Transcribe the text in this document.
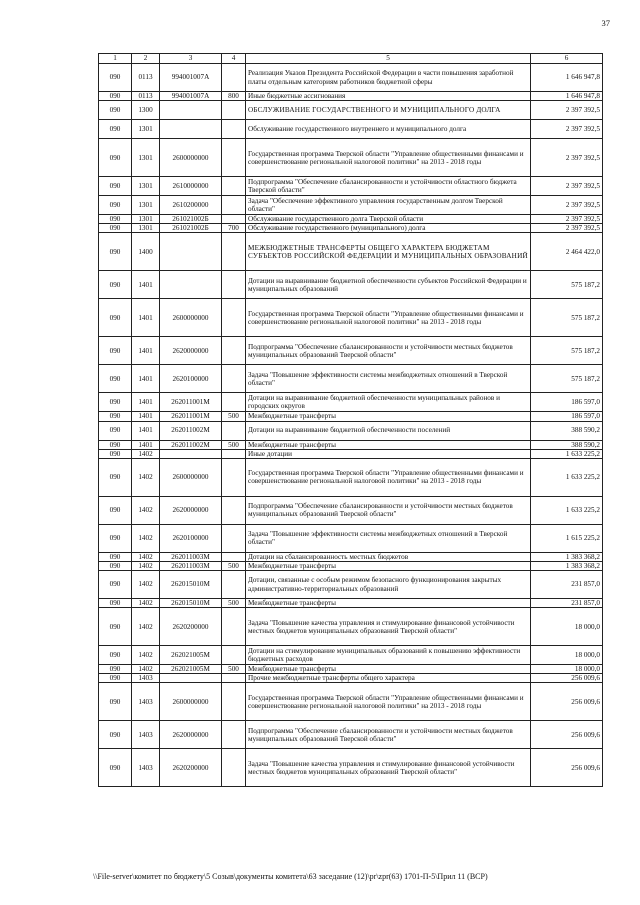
37
1	2	3	4	5	6
090	0113	994001007А		Реализация Указов Президента Российской Федерации в части повышения заработной платы отдельным категориям работников бюджетной сферы	1 646 947,8
090	0113	994001007А	800	Иные бюджетные ассигнования	1 646 947,8
090	1300			ОБСЛУЖИВАНИЕ ГОСУДАРСТВЕННОГО И МУНИЦИПАЛЬНОГО ДОЛГА	2 397 392,5
090	1301			Обслуживание государственного внутреннего и муниципального долга	2 397 392,5
090	1301	2600000000		Государственная программа Тверской области "Управление общественными финансами и совершенствование региональной налоговой политики" на 2013 - 2018 годы	2 397 392,5
090	1301	2610000000		Подпрограмма "Обеспечение сбалансированности и устойчивости областного бюджета Тверской области"	2 397 392,5
090	1301	2610200000		Задача "Обеспечение эффективного управления государственным долгом Тверской области"	2 397 392,5
090	1301	261021002Б		Обслуживание государственного долга Тверской области	2 397 392,5
090	1301	261021002Б	700	Обслуживание государственного (муниципального) долга	2 397 392,5
090	1400			МЕЖБЮДЖЕТНЫЕ ТРАНСФЕРТЫ ОБЩЕГО ХАРАКТЕРА БЮДЖЕТАМ СУБЪЕКТОВ РОССИЙСКОЙ ФЕДЕРАЦИИ И МУНИЦИПАЛЬНЫХ ОБРАЗОВАНИЙ	2 464 422,0
090	1401			Дотации на выравнивание бюджетной обеспеченности субъектов Российской Федерации и муниципальных образований	575 187,2
090	1401	2600000000		Государственная программа Тверской области "Управление общественными финансами и совершенствование региональной налоговой политики" на 2013 - 2018 годы	575 187,2
090	1401	2620000000		Подпрограмма "Обеспечение сбалансированности и устойчивости местных бюджетов муниципальных образований Тверской области"	575 187,2
090	1401	2620100000		Задача "Повышение эффективности системы межбюджетных отношений в Тверской области"	575 187,2
090	1401	262011001М		Дотации на выравнивание бюджетной обеспеченности муниципальных районов и городских округов	186 597,0
090	1401	262011001М	500	Межбюджетные трансферты	186 597,0
090	1401	262011002М		Дотации на выравнивание бюджетной обеспеченности поселений	388 590,2
090	1401	262011002М	500	Межбюджетные трансферты	388 590,2
090	1402			Иные дотации	1 633 225,2
090	1402	2600000000		Государственная программа Тверской области "Управление общественными финансами и совершенствование региональной налоговой политики" на 2013 - 2018 годы	1 633 225,2
090	1402	2620000000		Подпрограмма "Обеспечение сбалансированности и устойчивости местных бюджетов муниципальных образований Тверской области"	1 633 225,2
090	1402	2620100000		Задача "Повышение эффективности системы межбюджетных отношений в Тверской области"	1 615 225,2
090	1402	262011003М		Дотации на сбалансированность местных бюджетов	1 383 368,2
090	1402	262011003М	500	Межбюджетные трансферты	1 383 368,2
090	1402	262015010М		Дотации, связанные с особым режимом безопасного функционирования закрытых административно-территориальных образований	231 857,0
090	1402	262015010М	500	Межбюджетные трансферты	231 857,0
090	1402	2620200000		Задача "Повышение качества управления и стимулирование финансовой устойчивости местных бюджетов муниципальных образований Тверской области"	18 000,0
090	1402	262021005М		Дотации на стимулирование муниципальных образований к повышению эффективности бюджетных расходов	18 000,0
090	1402	262021005М	500	Межбюджетные трансферты	18 000,0
090	1403			Прочие межбюджетные трансферты общего характера	256 009,6
090	1403	2600000000		Государственная программа Тверской области "Управление общественными финансами и совершенствование региональной налоговой политики" на 2013 - 2018 годы	256 009,6
090	1403	2620000000		Подпрограмма "Обеспечение сбалансированности и устойчивости местных бюджетов муниципальных образований Тверской области"	256 009,6
090	1403	2620200000		Задача "Повышение качества управления и стимулирование финансовой устойчивости местных бюджетов муниципальных образований Тверской области"	256 009,6
\\File-server\комитет по бюджету\5 Созыв\документы комитета\63 заседание (12)\pr\zpr(63) 1701-П-5\Прил 11 (ВСР)
